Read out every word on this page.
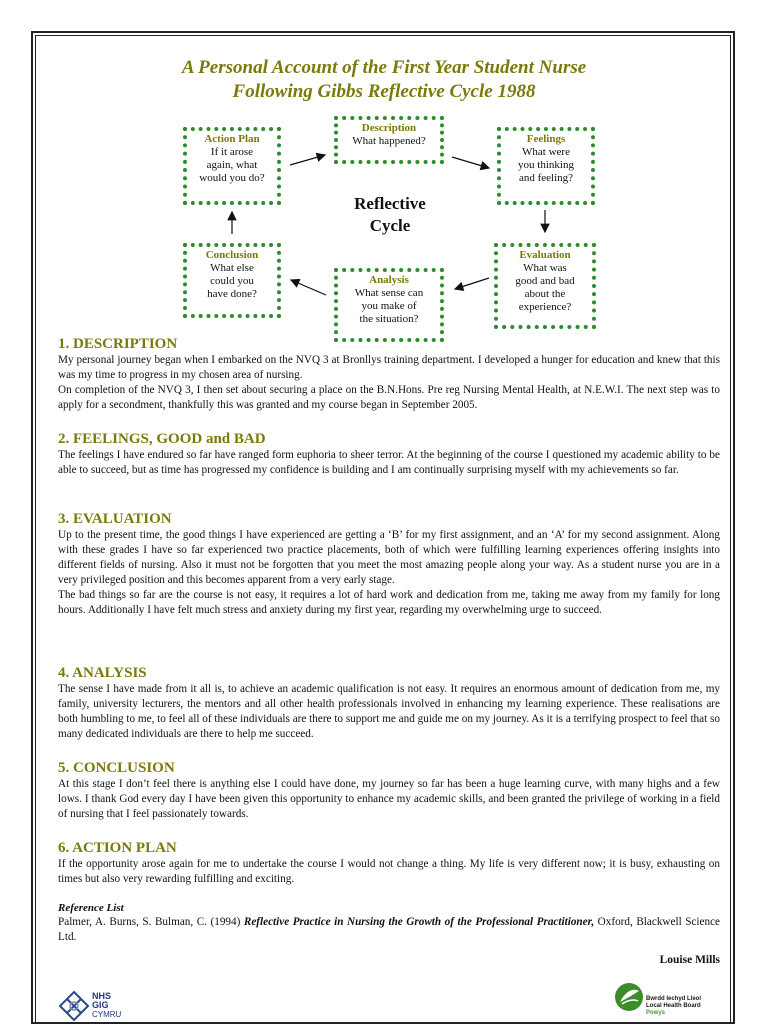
A Personal Account of the First Year Student Nurse
Following Gibbs Reflective Cycle 1988
Description
What happened?
Action Plan
If it arose
again, what
would you do?
Feelings
What were
you thinking
and feeling?
Reflective
Cycle
Conclusion
What else
could you
have done?
Analysis
What sense can
you make of
the situation?
Evaluation
What was
good and bad
about the
experience?

1. DESCRIPTION

My personal journey began when I embarked on the NVQ 3 at Bronllys training department. I developed a hunger for education and knew that this was my time to progress in my chosen area of nursing.

On completion of the NVQ 3, I then set about securing a place on the B.N.Hons. Pre reg Nursing Mental Health, at N.E.W.I. The next step was to apply for a secondment, thankfully this was granted and my course began in September 2005.

2. FEELINGS, GOOD and BAD

The feelings I have endured so far have ranged form euphoria to sheer terror. At the beginning of the course I questioned my academic ability to be able to succeed, but as time has progressed my confidence is building and I am continually surprising myself with my achievements so far.

3. EVALUATION

Up to the present time, the good things I have experienced are getting a ‘B’ for my first assignment, and an ‘A’ for my second assignment. Along with these grades I have so far experienced two practice placements, both of which were fulfilling learning experiences offering insights into different fields of nursing. Also it must not be forgotten that you meet the most amazing people along your way. As a student nurse you are in a very privileged position and this becomes apparent from a very early stage.

The bad things so far are the course is not easy, it requires a lot of hard work and dedication from me, taking me away from my family for long hours. Additionally I have felt much stress and anxiety during my first year, regarding my overwhelming urge to succeed.

4. ANALYSIS

The sense I have made from it all is, to achieve an academic qualification is not easy. It requires an enormous amount of dedication from me, my family, university lecturers, the mentors and all other health professionals involved in enhancing my learning experience. These realisations are both humbling to me, to feel all of these individuals are there to support me and guide me on my journey. As it is a terrifying prospect to feel that so many dedicated individuals are there to help me succeed.

5. CONCLUSION

At this stage I don’t feel there is anything else I could have done, my journey so far has been a huge learning curve, with many highs and a few lows. I thank God every day I have been given this opportunity to enhance my academic skills, and been granted the privilege of working in a field of nursing that I feel passionately towards.

6. ACTION PLAN

If the opportunity arose again for me to undertake the course I would not change a thing. My life is very different now; it is busy, exhausting on times but also very rewarding fulfilling and exciting.

Reference List

Palmer, A. Burns, S. Bulman, C. (1994) Reflective Practice in Nursing the Growth of the Professional Practitioner, Oxford, Blackwell Science Ltd.

Louise Mills
NHS
GIG
CYMRU
Bwrdd Iechyd Lleol
Local Health Board
Powys
